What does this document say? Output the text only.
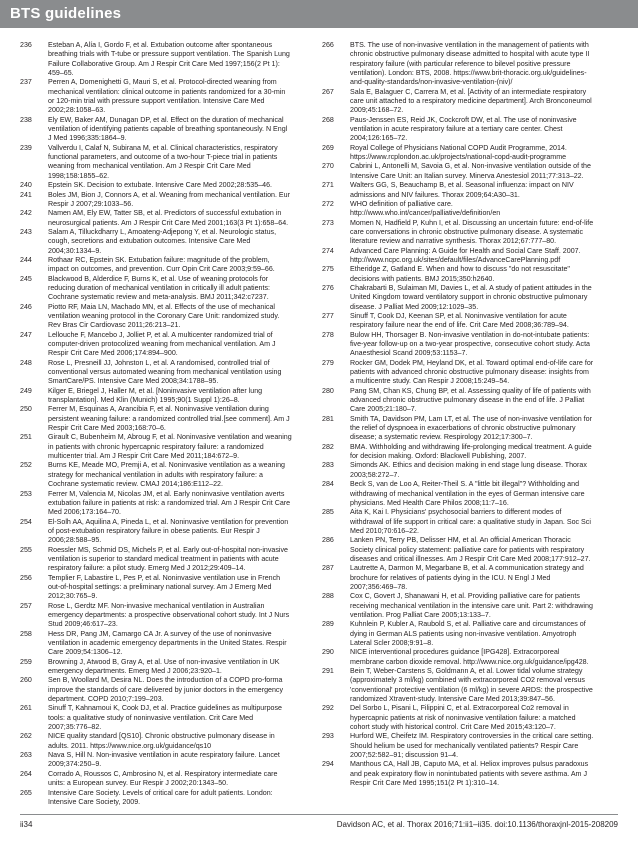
BTS guidelines
236	Esteban A, Alía I, Gordo F, et al. Extubation outcome after spontaneous breathing trials with T-tube or pressure support ventilation. The Spanish Lung Failure Collaborative Group. Am J Respir Crit Care Med 1997;156(2 Pt 1): 459–65.
237	Perren A, Domenighetti G, Mauri S, et al. Protocol-directed weaning from mechanical ventilation: clinical outcome in patients randomized for a 30-min or 120-min trial with pressure support ventilation. Intensive Care Med 2002;28:1058–63.
238	Ely EW, Baker AM, Dunagan DP, et al. Effect on the duration of mechanical ventilation of identifying patients capable of breathing spontaneously. N Engl J Med 1996;335:1864–9.
239	Vallverdu I, Calaf N, Subirana M, et al. Clinical characteristics, respiratory functional parameters, and outcome of a two-hour T-piece trial in patients weaning from mechanical ventilation. Am J Respir Crit Care Med 1998;158:1855–62.
240	Epstein SK. Decision to extubate. Intensive Care Med 2002;28:535–46.
241	Boles JM, Bion J, Connors A, et al. Weaning from mechanical ventilation. Eur Respir J 2007;29:1033–56.
242	Namen AM, Ely EW, Tatter SB, et al. Predictors of successful extubation in neurosurgical patients. Am J Respir Crit Care Med 2001;163(3 Pt 1):658–64.
243	Salam A, Tilluckdharry L, Amoateng-Adjepong Y, et al. Neurologic status, cough, secretions and extubation outcomes. Intensive Care Med 2004;30:1334–9.
244	Rothaar RC, Epstein SK. Extubation failure: magnitude of the problem, impact on outcomes, and prevention. Curr Opin Crit Care 2003;9:59–66.
245	Blackwood B, Alderdice F, Burns K, et al. Use of weaning protocols for reducing duration of mechanical ventilation in critically ill adult patients: Cochrane systematic review and meta-analysis. BMJ 2011;342:c7237.
246	Piotto RF, Maia LN, Machado MN, et al. Effects of the use of mechanical ventilation weaning protocol in the Coronary Care Unit: randomized study. Rev Bras Cir Cardiovasc 2011;26:213–21.
247	Lellouche F, Mancebo J, Jolliet P, et al. A multicenter randomized trial of computer-driven protocolized weaning from mechanical ventilation. Am J Respir Crit Care Med 2006;174:894–900.
248	Rose L, Presneill JJ, Johnston L, et al. A randomised, controlled trial of conventional versus automated weaning from mechanical ventilation using SmartCare/PS. Intensive Care Med 2008;34:1788–95.
249	Kilger E, Briegel J, Haller M, et al. [Noninvasive ventilation after lung transplantation]. Med Klin (Munich) 1995;90(1 Suppl 1):26–8.
250	Ferrer M, Esquinas A, Arancibia F, et al. Noninvasive ventilation during persistent weaning failure: a randomized controlled trial.[see comment]. Am J Respir Crit Care Med 2003;168:70–6.
251	Girault C, Bubenheim M, Abroug F, et al. Noninvasive ventilation and weaning in patients with chronic hypercapnic respiratory failure: a randomized multicenter trial. Am J Respir Crit Care Med 2011;184:672–9.
252	Burns KE, Meade MO, Premji A, et al. Noninvasive ventilation as a weaning strategy for mechanical ventilation in adults with respiratory failure: a Cochrane systematic review. CMAJ 2014;186:E112–22.
253	Ferrer M, Valencia M, Nicolas JM, et al. Early noninvasive ventilation averts extubation failure in patients at risk: a randomized trial. Am J Respir Crit Care Med 2006;173:164–70.
254	El-Solh AA, Aquilina A, Pineda L, et al. Noninvasive ventilation for prevention of post-extubation respiratory failure in obese patients. Eur Respir J 2006;28:588–95.
255	Roessler MS, Schmid DS, Michels P, et al. Early out-of-hospital non-invasive ventilation is superior to standard medical treatment in patients with acute respiratory failure: a pilot study. Emerg Med J 2012;29:409–14.
256	Templier F, Labastire L, Pes P, et al. Noninvasive ventilation use in French out-of-hospital settings: a preliminary national survey. Am J Emerg Med 2012;30:765–9.
257	Rose L, Gerdtz MF. Non-invasive mechanical ventilation in Australian emergency departments: a prospective observational cohort study. Int J Nurs Stud 2009;46:617–23.
258	Hess DR, Pang JM, Camargo CA Jr. A survey of the use of noninvasive ventilation in academic emergency departments in the United States. Respir Care 2009;54:1306–12.
259	Browning J, Atwood B, Gray A, et al. Use of non-invasive ventilation in UK emergency departments. Emerg Med J 2006;23:920–1.
260	Sen B, Woollard M, Desira NL. Does the introduction of a COPD pro-forma improve the standards of care delivered by junior doctors in the emergency department. COPD 2010;7:199–203.
261	Sinuff T, Kahnamoui K, Cook DJ, et al. Practice guidelines as multipurpose tools: a qualitative study of noninvasive ventilation. Crit Care Med 2007;35:776–82.
262	NICE quality standard [QS10]. Chronic obstructive pulmonary disease in adults. 2011. https://www.nice.org.uk/guidance/qs10
263	Nava S, Hill N. Non-invasive ventilation in acute respiratory failure. Lancet 2009;374:250–9.
264	Corrado A, Roussos C, Ambrosino N, et al. Respiratory intermediate care units: a European survey. Eur Respir J 2002;20:1343–50.
265	Intensive Care Society. Levels of critical care for adult patients. London: Intensive Care Society, 2009.
266	BTS. The use of non-invasive ventilation in the management of patients with chronic obstructive pulmonary disease admitted to hospital with acute type II respiratory failure (with particular reference to bilevel positive pressure ventilation). London: BTS, 2008. https://www.brit-thoracic.org.uk/guidelines-and-quality-standards/non-invasive-ventilation-(niv)/
267	Sala E, Balaguer C, Carrera M, et al. [Activity of an intermediate respiratory care unit attached to a respiratory medicine department]. Arch Bronconeumol 2009;45:168–72.
268	Paus-Jenssen ES, Reid JK, Cockcroft DW, et al. The use of noninvasive ventilation in acute respiratory failure at a tertiary care center. Chest 2004;126:165–72.
269	Royal College of Physicians National COPD Audit Programme, 2014. https://www.rcplondon.ac.uk/projects/national-copd-audit-programme
270	Cabrini L, Antonelli M, Savoia G, et al. Non-invasive ventilation outside of the Intensive Care Unit: an Italian survey. Minerva Anestesiol 2011;77:313–22.
271	Walters GG, S, Beauchamp B, et al. Seasonal influenza: impact on NIV admissions and NIV failures. Thorax 2009;64:A30–31.
272	WHO definition of palliative care. http://www.who.int/cancer/palliative/definition/en
273	Momen N, Hadfield P, Kuhn I, et al. Discussing an uncertain future: end-of-life care conversations in chronic obstructive pulmonary disease. A systematic literature review and narrative synthesis. Thorax 2012;67:777–80.
274	Advanced Care Planning: A Guide for Health and Social Care Staff. 2007. http://www.ncpc.org.uk/sites/default/files/AdvanceCarePlanning.pdf
275	Etheridge Z, Gatland E. When and how to discuss "do not resuscitate" decisions with patients. BMJ 2015;350:h2640.
276	Chakrabarti B, Sulaiman MI, Davies L, et al. A study of patient attitudes in the United Kingdom toward ventilatory support in chronic obstructive pulmonary disease. J Palliat Med 2009;12:1029–35.
277	Sinuff T, Cook DJ, Keenan SP, et al. Noninvasive ventilation for acute respiratory failure near the end of life. Crit Care Med 2008;36:789–94.
278	Bulow HH, Thorsager B. Non-invasive ventilation in do-not-intubate patients: five-year follow-up on a two-year prospective, consecutive cohort study. Acta Anaesthesiol Scand 2009;53:1153–7.
279	Rocker GM, Dodek PM, Heyland DK, et al. Toward optimal end-of-life care for patients with advanced chronic obstructive pulmonary disease: insights from a multicentre study. Can Respir J 2008;15:249–54.
280	Pang SM, Chan KS, Chung BP, et al. Assessing quality of life of patients with advanced chronic obstructive pulmonary disease in the end of life. J Palliat Care 2005;21:180–7.
281	Smith TA, Davidson PM, Lam LT, et al. The use of non-invasive ventilation for the relief of dyspnoea in exacerbations of chronic obstructive pulmonary disease; a systematic review. Respirology 2012;17:300–7.
282	BMA. Withholding and withdrawing life-prolonging medical treatment. A guide for decision making. Oxford: Blackwell Publishing, 2007.
283	Simonds AK. Ethics and decision making in end stage lung disease. Thorax 2003;58:272–7.
284	Beck S, van de Loo A, Reiter-Theil S. A "little bit illegal"? Withholding and withdrawing of mechanical ventilation in the eyes of German intensive care physicians. Med Health Care Philos 2008;11:7–16.
285	Aita K, Kai I. Physicians' psychosocial barriers to different modes of withdrawal of life support in critical care: a qualitative study in Japan. Soc Sci Med 2010;70:616–22.
286	Lanken PN, Terry PB, Delisser HM, et al. An official American Thoracic Society clinical policy statement: palliative care for patients with respiratory diseases and critical illnesses. Am J Respir Crit Care Med 2008;177:912–27.
287	Lautrette A, Darmon M, Megarbane B, et al. A communication strategy and brochure for relatives of patients dying in the ICU. N Engl J Med 2007;356:469–78.
288	Cox C, Govert J, Shanawani H, et al. Providing palliative care for patients receiving mechanical ventilation in the intensive care unit. Part 2: withdrawing ventilation. Prog Palliat Care 2005;13:133–7.
289	Kuhnlein P, Kubler A, Raubold S, et al. Palliative care and circumstances of dying in German ALS patients using non-invasive ventilation. Amyotroph Lateral Scler 2008;9:91–8.
290	NICE interventional procedures guidance [IPG428]. Extracorporeal membrane carbon dioxide removal. http://www.nice.org.uk/guidance/ipg428.
291	Bein T, Weber-Carstens S, Goldmann A, et al. Lower tidal volume strategy (approximately 3 ml/kg) combined with extracorporeal CO2 removal versus 'conventional' protective ventilation (6 ml/kg) in severe ARDS: the prospective randomized Xtravent-study. Intensive Care Med 2013;39:847–56.
292	Del Sorbo L, Pisani L, Filippini C, et al. Extracorporeal Co2 removal in hypercapnic patients at risk of noninvasive ventilation failure: a matched cohort study with historical control. Crit Care Med 2015;43:120–7.
293	Hurford WE, Cheifetz IM. Respiratory controversies in the critical care setting. Should helium be used for mechanically ventilated patients? Respir Care 2007;52:582–91; discussion 91–4.
294	Manthous CA, Hall JB, Caputo MA, et al. Heliox improves pulsus paradoxus and peak expiratory flow in nonintubated patients with severe asthma. Am J Respir Crit Care Med 1995;151(2 Pt 1):310–14.
ii34	Davidson AC, et al. Thorax 2016;71:ii1–ii35. doi:10.1136/thoraxjnl-2015-208209
